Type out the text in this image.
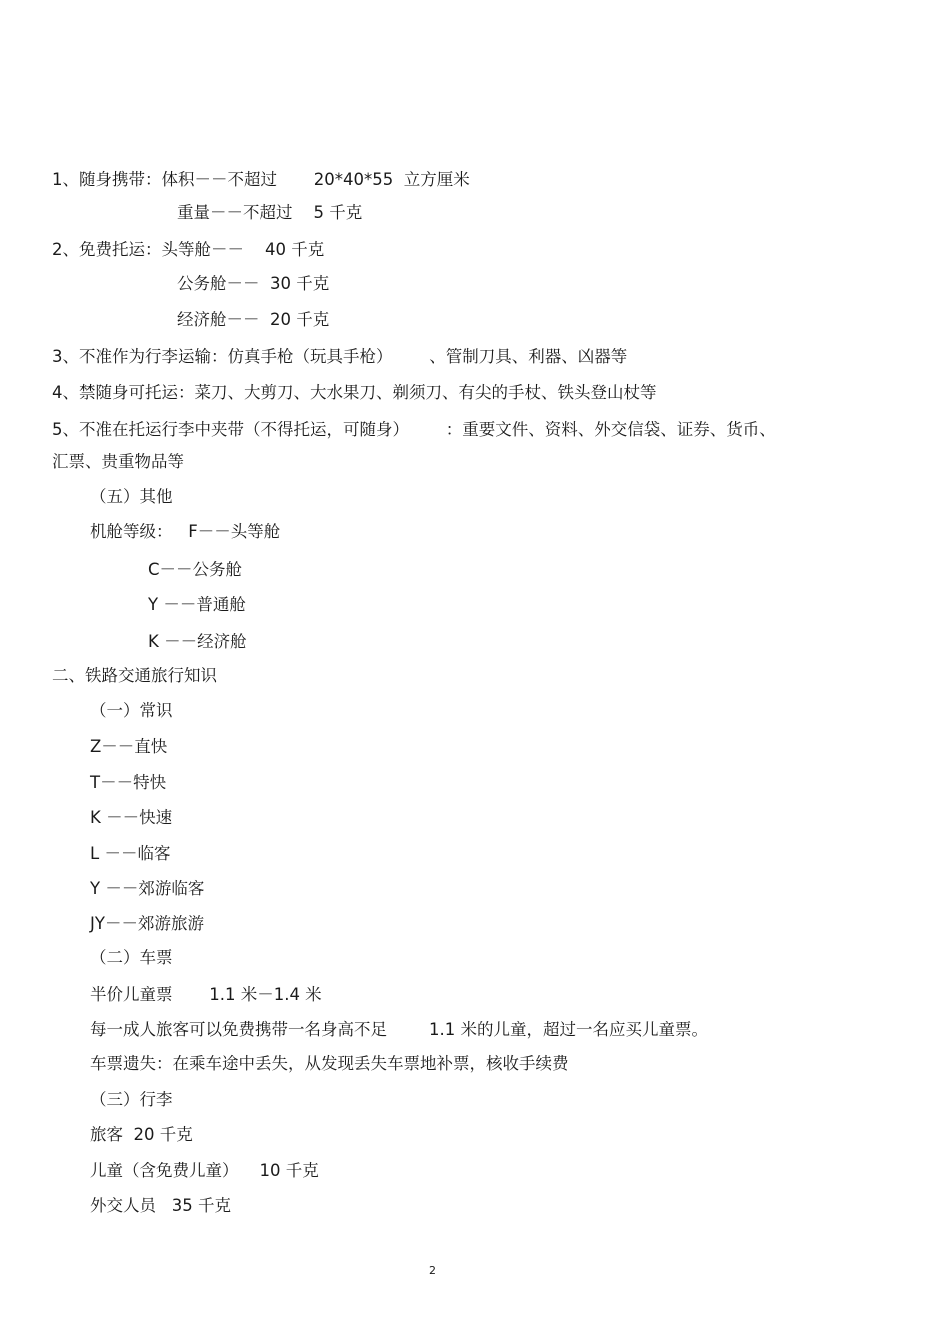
1、随身携带：体积－－不超过       20*40*55  立方厘米
重量－－不超过    5 千克
2、免费托运：头等舱－－    40 千克
公务舱－－  30 千克
经济舱－－  20 千克
3、不准作为行李运输：仿真手枪（玩具手枪）       、管制刀具、利器、凶器等
4、禁随身可托运：菜刀、大剪刀、大水果刀、剃须刀、有尖的手杖、铁头登山杖等
5、不准在托运行李中夹带（不得托运，可随身）       ：重要文件、资料、外交信袋、证券、货币、
汇票、贵重物品等
（五）其他
机舱等级：   F－－头等舱
C－－公务舱
Y －－普通舱
K －－经济舱
二、铁路交通旅行知识
（一）常识
Z－－直快
T－－特快
K －－快速
L －－临客
Y －－郊游临客
JY－－郊游旅游
（二）车票
半价儿童票       1.1 米－1.4 米
每一成人旅客可以免费携带一名身高不足        1.1 米的儿童，超过一名应买儿童票。
车票遗失：在乘车途中丢失，从发现丢失车票地补票，核收手续费
（三）行李
旅客  20 千克
儿童（含免费儿童）    10 千克
外交人员   35 千克
2
